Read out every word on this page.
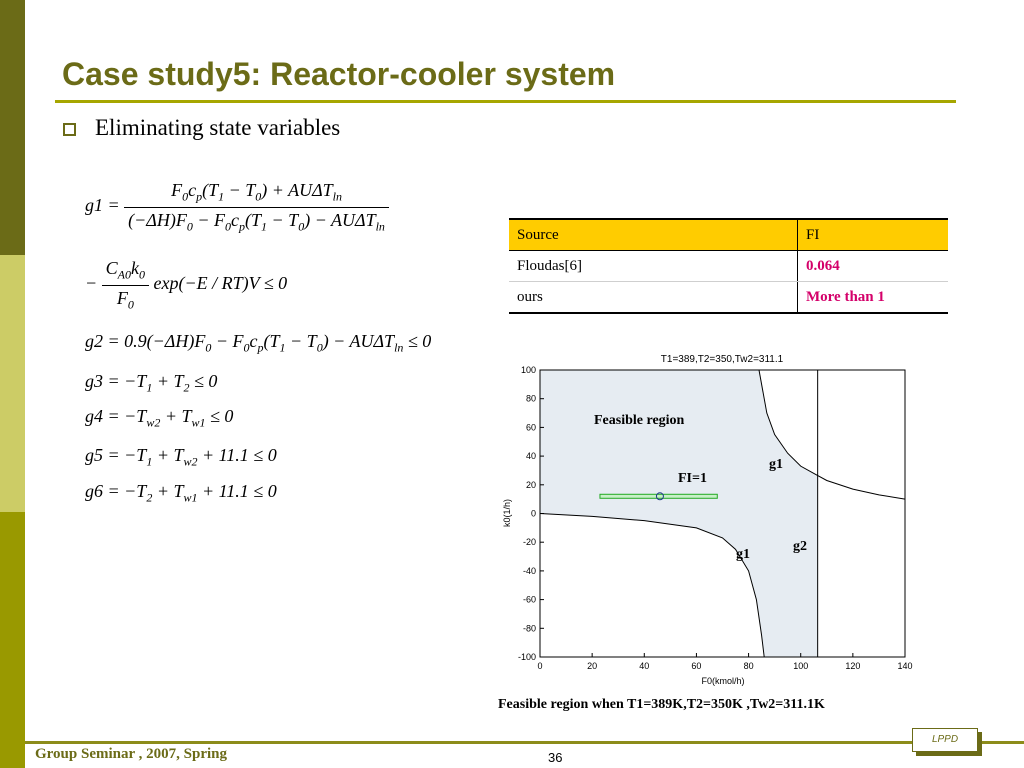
Case study5: Reactor-cooler system
Eliminating state variables
$g1 = \frac{F_0c_p(T_1 - T_0) + AU\Delta T_{ln}}{(-\Delta H)F_0 - F_0c_p(T_1 - T_0) - AU\Delta T_{ln}}$
− $\frac{C_{A0}k_0}{F_0} \exp(-E / RT)V \le 0$
$g2 = 0.9(-\Delta H)F_0 - F_0c_p(T_1 - T_0) - AU\Delta T_{ln} \le 0$
$g3 = -T_1 + T_2 \le 0$
$g4 = -T_{w2} + T_{w1} \le 0$
$g5 = -T_1 + T_{w2} + 11.1 \le 0$
$g6 = -T_2 + T_{w1} + 11.1 \le 0$
Source	FI
Floudas[6]	0.064
ours	More than 1
T1=389,T2=350,Tw2=311.1
0	20	40	60	80	100	120	140
100
80
60
40
20
0
-20
-40
-60
-80
-100
F0(kmol/h)
k0(1/h)
Feasible region
FI=1
g1
g2
g1
Feasible region when T1=389K,T2=350K ,Tw2=311.1K
Group Seminar , 2007, Spring	36
LPPD
